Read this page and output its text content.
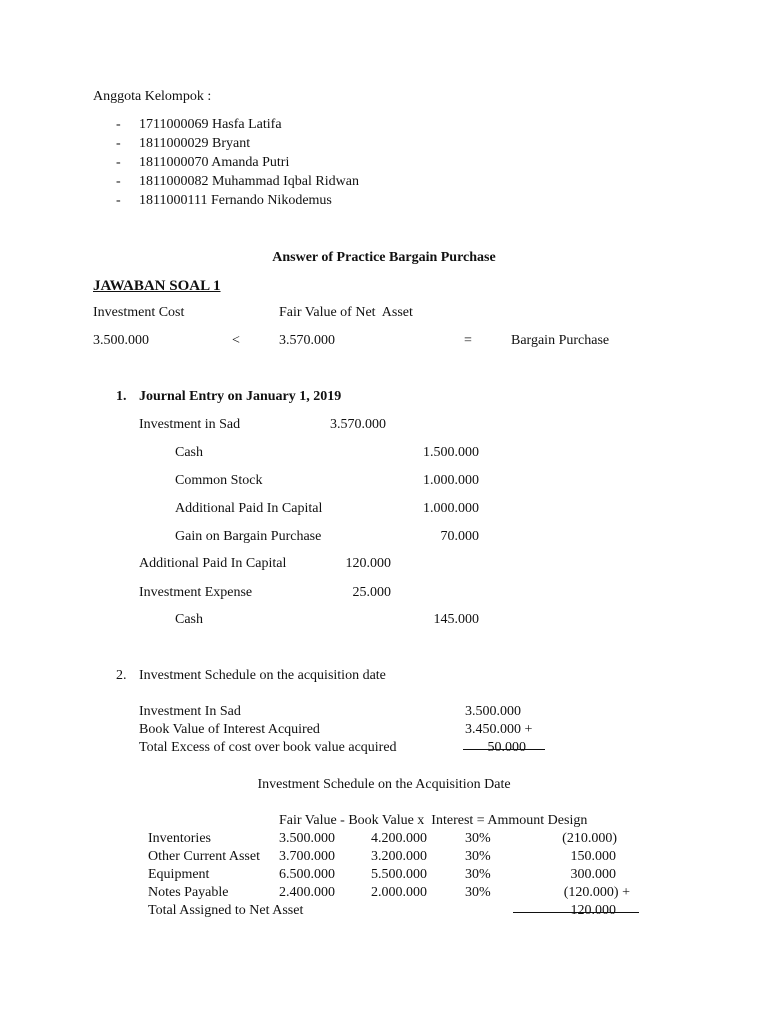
Anggota Kelompok :
- 1711000069 Hasfa Latifa
- 1811000029 Bryant
- 1811000070 Amanda Putri
- 1811000082 Muhammad Iqbal Ridwan
- 1811000111 Fernando Nikodemus
Answer of Practice Bargain Purchase
JAWABAN SOAL 1
Investment Cost	Fair Value of Net  Asset
3.500.000	<	3.570.000	=	Bargain Purchase
1. Journal Entry on January 1, 2019
Investment in Sad	3.570.000
Cash	1.500.000
Common Stock	1.000.000
Additional Paid In Capital	1.000.000
Gain on Bargain Purchase	70.000
Additional Paid In Capital	120.000
Investment Expense	25.000
Cash	145.000
2. Investment Schedule on the acquisition date
Investment In Sad	3.500.000
Book Value of Interest Acquired	3.450.000 +
Total Excess of cost over book value acquired	50.000
Investment Schedule on the Acquisition Date
Fair Value - Book Value x  Interest = Ammount Design
Inventories	3.500.000	4.200.000	30%	(210.000)
Other Current Asset 3.700.000	3.200.000	30%	150.000
Equipment	6.500.000	5.500.000	30%	300.000
Notes Payable	2.400.000	2.000.000	30%	(120.000) +
Total Assigned to Net Asset	120.000
